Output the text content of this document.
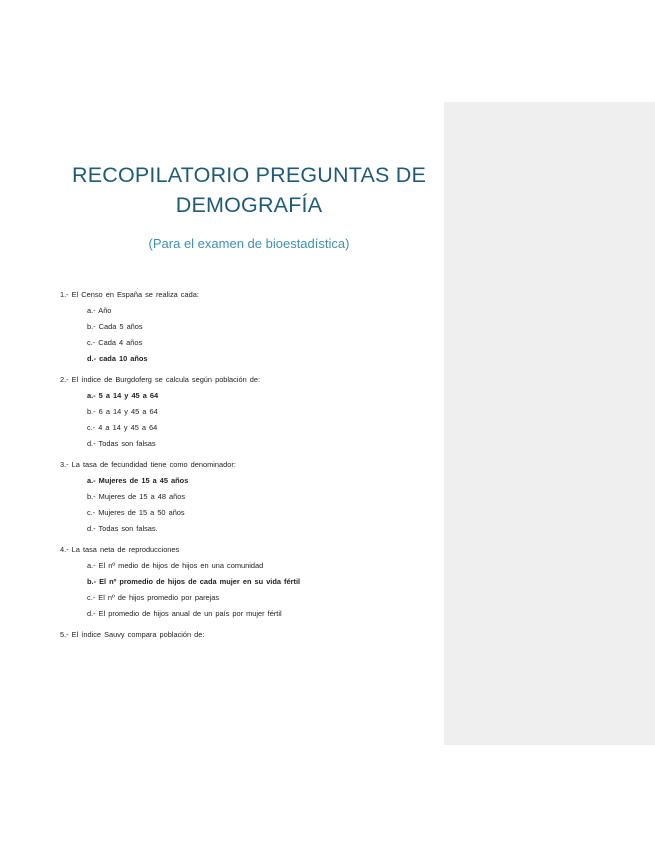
RECOPILATORIO PREGUNTAS DE
DEMOGRAFÍA
(Para el examen de bioestadística)
1.- El Censo en España se realiza cada:
a.- Año
b.- Cada 5 años
c.- Cada 4 años
d.- cada 10 años
2.- El índice de Burgdoferg se calcula según población de:
a.- 5 a 14 y 45 a 64
b.- 6 a 14 y 45 a 64
c.- 4 a 14 y 45 a 64
d.- Todas son falsas
3.- La tasa de fecundidad tiene como denominador:
a.- Mujeres de 15 a 45 años
b.- Mujeres de 15 a 48 años
c.- Mujeres de 15 a 50 años
d.- Todas son falsas.
4.- La tasa neta de reproducciones
a.- El nº medio de hijos de hijos en una comunidad
b.- El nº promedio de hijos de cada mujer en su vida fértil
c.- El nº de hijos promedio por parejas
d.- El promedio de hijos anual de un país por mujer fértil
5.- El índice Sauvy compara población de:
